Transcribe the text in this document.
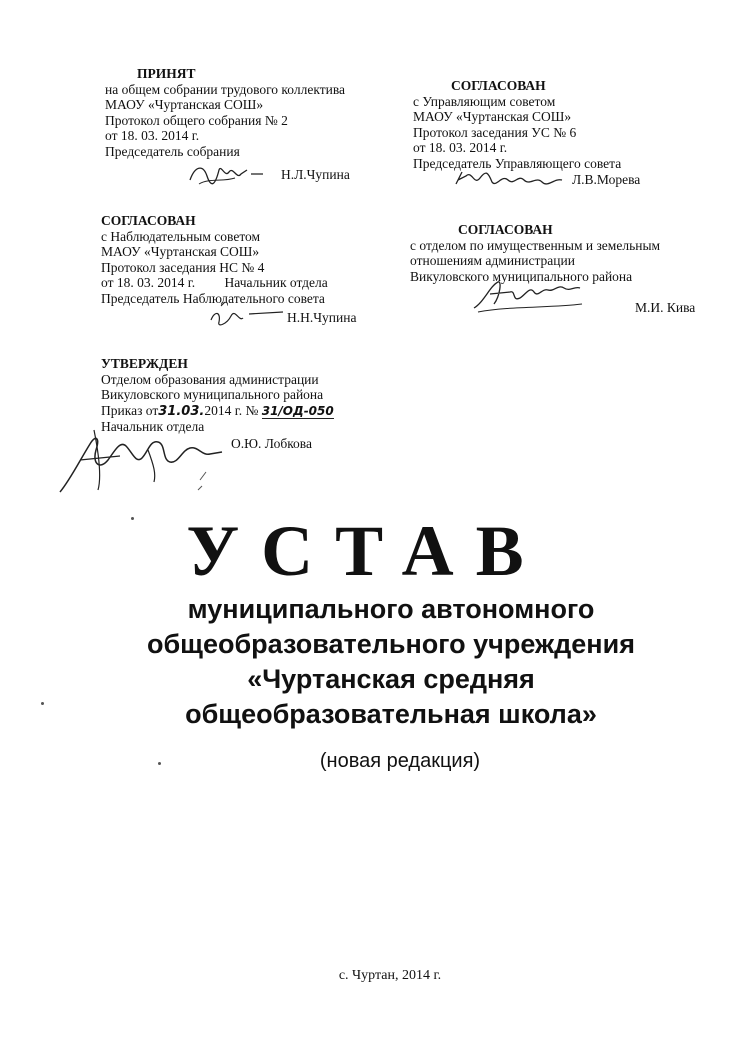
ПРИНЯТ
на общем собрании трудового коллектива
МАОУ «Чуртанская СОШ»
Протокол общего собрания № 2
от 18. 03. 2014 г.
Председатель собрания
Н.Л.Чупина
СОГЛАСОВАН
с Управляющим советом
МАОУ «Чуртанская СОШ»
Протокол заседания УС № 6
от 18. 03. 2014 г.
Председатель Управляющего совета
Л.В.Морева
СОГЛАСОВАН
с Наблюдательным советом
МАОУ «Чуртанская СОШ»
Протокол заседания НС № 4
от 18. 03. 2014 г. Начальник отдела
Председатель Наблюдательного совета
Н.Н.Чупина
СОГЛАСОВАН
с отделом по имущественным и земельным
отношениям администрации
Викуловского муниципального района
М.И. Кива
УТВЕРЖДЕН
Отделом образования администрации
Викуловского муниципального района
Приказ от31.03.2014 г. № 31/ОД-050
Начальник отдела
О.Ю. Лобкова
УСТАВ
муниципального автономного
общеобразовательного учреждения
«Чуртанская средняя
общеобразовательная школа»
(новая редакция)
с. Чуртан, 2014 г.
